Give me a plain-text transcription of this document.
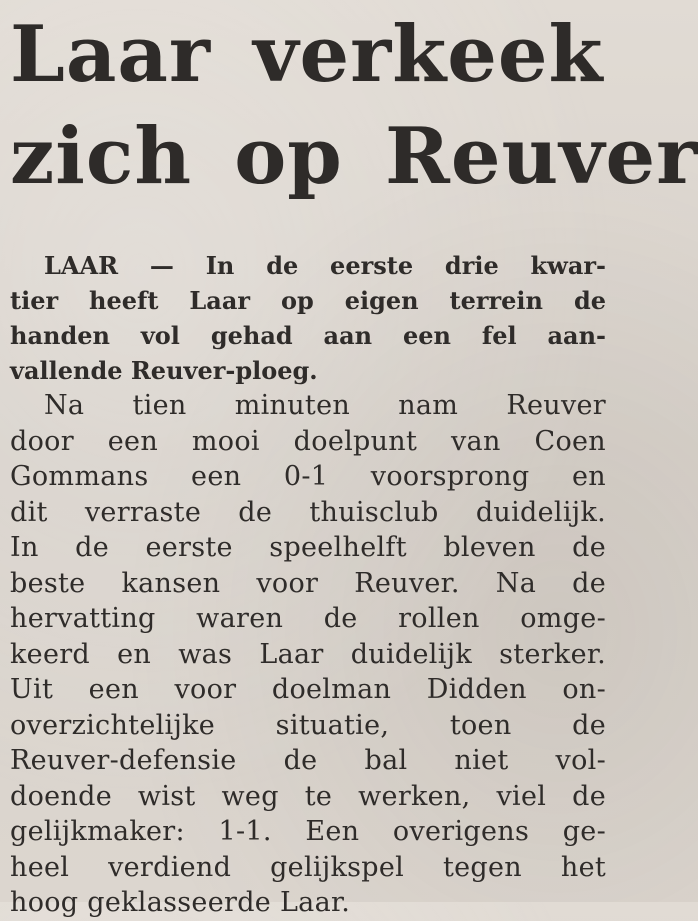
Laar verkeek
zich op Reuver

LAAR — In de eerste drie kwar-
tier heeft Laar op eigen terrein de
handen vol gehad aan een fel aan-
vallende Reuver-ploeg.

Na tien minuten nam Reuver
door een mooi doelpunt van Coen
Gommans een 0-1 voorsprong en
dit verraste de thuisclub duidelijk.
In de eerste speelhelft bleven de
beste kansen voor Reuver. Na de
hervatting waren de rollen omge-
keerd en was Laar duidelijk sterker.
Uit een voor doelman Didden on-
overzichtelijke situatie, toen de
Reuver-defensie de bal niet vol-
doende wist weg te werken, viel de
gelijkmaker: 1-1. Een overigens ge-
heel verdiend gelijkspel tegen het
hoog geklasseerde Laar.
